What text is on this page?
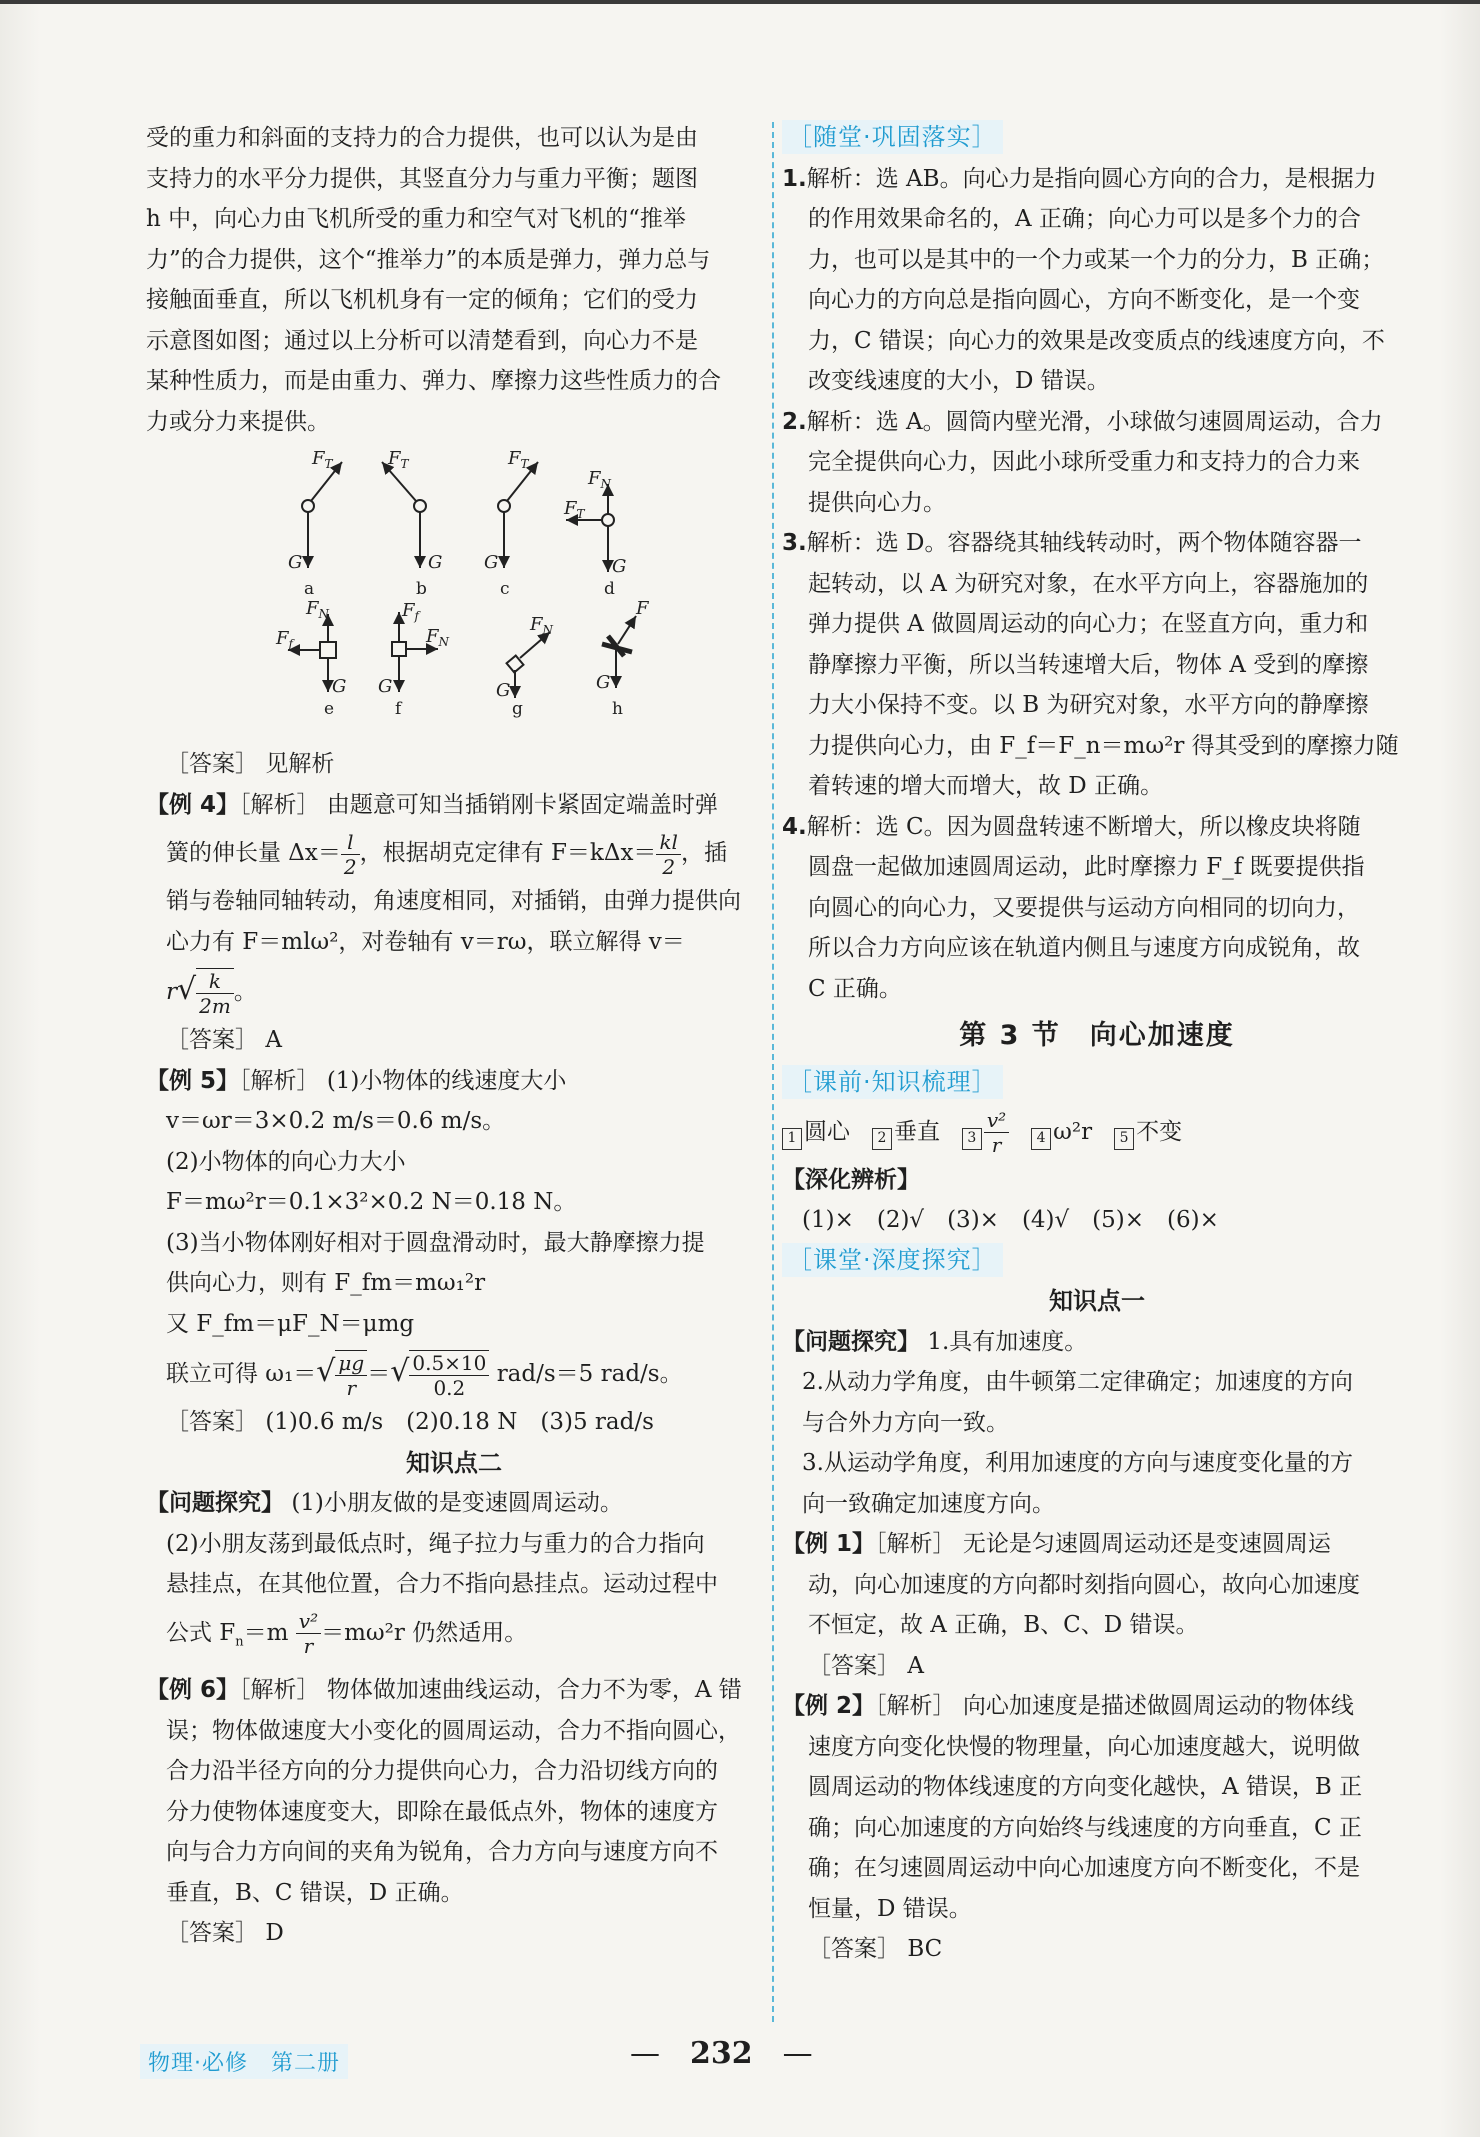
受的重力和斜面的支持力的合力提供，也可以认为是由
支持力的水平分力提供，其竖直分力与重力平衡；题图
h 中，向心力由飞机所受的重力和空气对飞机的“推举
力”的合力提供，这个“推举力”的本质是弹力，弹力总与
接触面垂直，所以飞机机身有一定的倾角；它们的受力
示意图如图；通过以上分析可以清楚看到，向心力不是
某种性质力，而是由重力、弹力、摩擦力这些性质力的合
力或分力来提供。
$F_T$
G
$F_T$
G
$F_T$
G
$F_N$
$F_T$
G
$F_N$
$F_f$
G
$F_f$
$F_N$
G
$F_N$
G
F
G
a	b	c	d
e	f	g	h
［答案］ 见解析
【例 4】［解析］ 由题意可知当插销刚卡紧固定端盖时弹
簧的伸长量 $\Delta x= \frac{l}{2}$ ，根据胡克定律有 $F=k\Delta x= \frac{kl}{2}$ ，插
销与卷轴同轴转动，角速度相同，对插销，由弹力提供向
心力有 F＝mlω²，对卷轴有 v＝rω，联立解得 v＝
$r√ \frac{k}{2m}$ 。
［答案］ A
【例 5】［解析］ (1)小物体的线速度大小
v＝ωr＝3×0.2 m/s＝0.6 m/s。
(2)小物体的向心力大小
F＝mω²r＝0.1×3²×0.2 N＝0.18 N。
(3)当小物体刚好相对于圆盘滑动时，最大静摩擦力提
供向心力，则有 F_fm＝mω₁²r
又 F_fm＝μF_N＝μmg
联立可得 $\omega_1=√ \frac{\mu g}{r}$ ＝√ $\frac{0.5\times 10}{0.2} rad/s=5$ rad/s。
［答案］ (1)0.6 m/s　(2)0.18 N　(3)5 rad/s
知识点二
【问题探究】 (1)小朋友做的是变速圆周运动。
(2)小朋友荡到最低点时，绳子拉力与重力的合力指向
悬挂点，在其他位置，合力不指向悬挂点。运动过程中
公式 $F_n=m \frac{\text{v²}}{r} =m\omega^2r$ 仍然适用。
【例 6】［解析］ 物体做加速曲线运动，合力不为零，A 错
误；物体做速度大小变化的圆周运动，合力不指向圆心，
合力沿半径方向的分力提供向心力，合力沿切线方向的
分力使物体速度变大，即除在最低点外，物体的速度方
向与合力方向间的夹角为锐角，合力方向与速度方向不
垂直，B、C 错误，D 正确。
［答案］ D
［随堂·巩固落实］
1.解析：选 AB。向心力是指向圆心方向的合力，是根据力
的作用效果命名的，A 正确；向心力可以是多个力的合
力，也可以是其中的一个力或某一个力的分力，B 正确；
向心力的方向总是指向圆心，方向不断变化，是一个变
力，C 错误；向心力的效果是改变质点的线速度方向，不
改变线速度的大小，D 错误。
2.解析：选 A。圆筒内壁光滑，小球做匀速圆周运动，合力
完全提供向心力，因此小球所受重力和支持力的合力来
提供向心力。
3.解析：选 D。容器绕其轴线转动时，两个物体随容器一
起转动，以 A 为研究对象，在水平方向上，容器施加的
弹力提供 A 做圆周运动的向心力；在竖直方向，重力和
静摩擦力平衡，所以当转速增大后，物体 A 受到的摩擦
力大小保持不变。以 B 为研究对象，水平方向的静摩擦
力提供向心力，由 F_f＝F_n＝mω²r 得其受到的摩擦力随
着转速的增大而增大，故 D 正确。
4.解析：选 C。因为圆盘转速不断增大，所以橡皮块将随
圆盘一起做加速圆周运动，此时摩擦力 F_f 既要提供指
向圆心的向心力，又要提供与运动方向相同的切向力，
所以合力方向应该在轨道内侧且与速度方向成锐角，故
C 正确。
第 3 节　向心加速度
［课前·知识梳理］
1 圆心 2 垂直 $3 \frac{\text{v²}}{r} 4$ ω²r 5 不变
【深化辨析】
(1)×　(2)√　(3)×　(4)√　(5)×　(6)×
［课堂·深度探究］
知识点一
【问题探究】 1.具有加速度。
2.从动力学角度，由牛顿第二定律确定；加速度的方向
与合外力方向一致。
3.从运动学角度，利用加速度的方向与速度变化量的方
向一致确定加速度方向。
【例 1】［解析］ 无论是匀速圆周运动还是变速圆周运
动，向心加速度的方向都时刻指向圆心，故向心加速度
不恒定，故 A 正确，B、C、D 错误。
［答案］ A
【例 2】［解析］ 向心加速度是描述做圆周运动的物体线
速度方向变化快慢的物理量，向心加速度越大，说明做
圆周运动的物体线速度的方向变化越快，A 错误，B 正
确；向心加速度的方向始终与线速度的方向垂直，C 正
确；在匀速圆周运动中向心加速度方向不断变化，不是
恒量，D 错误。
［答案］ BC
物理·必修　第二册
—	232 —
